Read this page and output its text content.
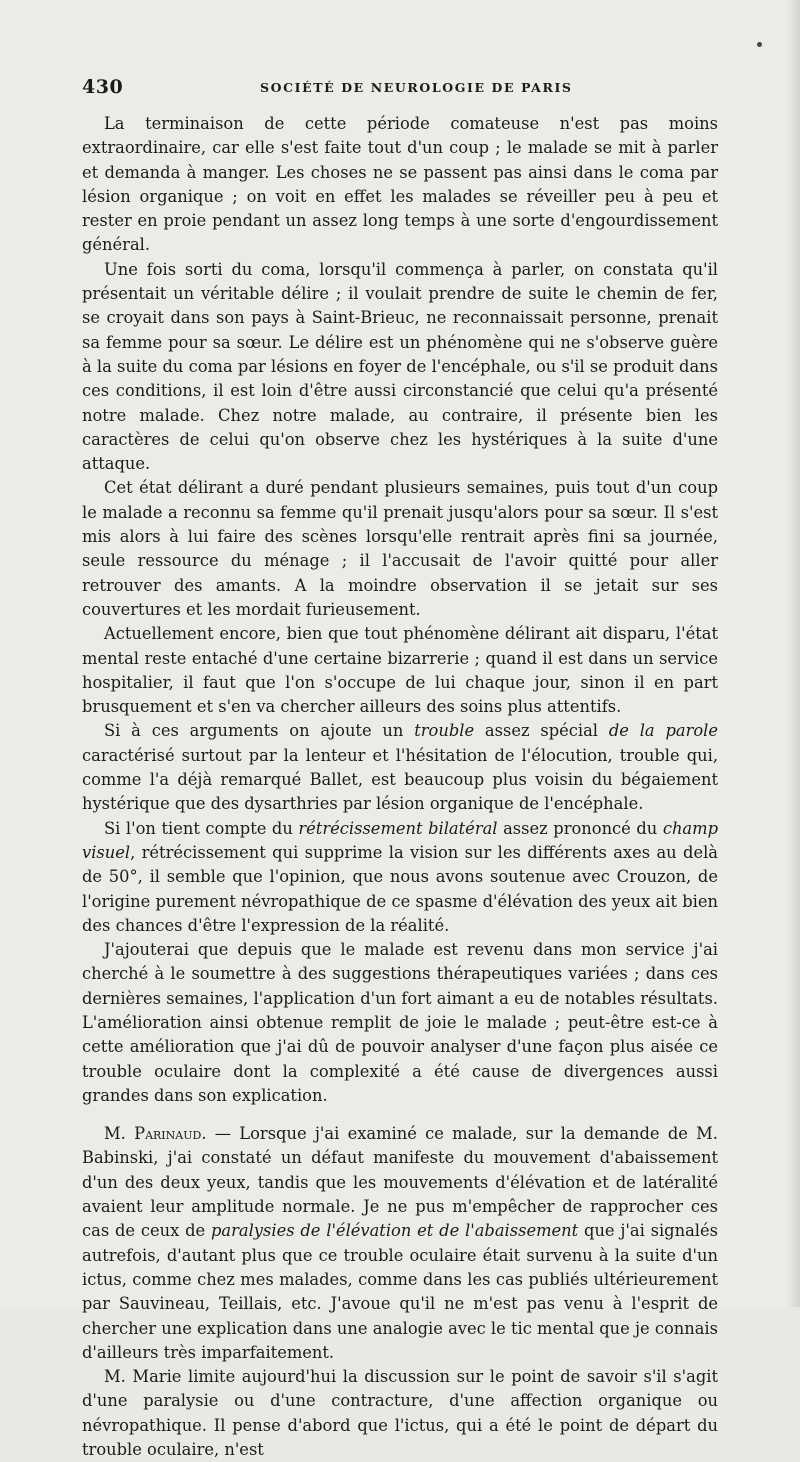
430	SOCIÉTÉ DE NEUROLOGIE DE PARIS

La terminaison de cette période comateuse n'est pas moins extraordinaire, car elle s'est faite tout d'un coup ; le malade se mit à parler et demanda à manger. Les choses ne se passent pas ainsi dans le coma par lésion organique ; on voit en effet les malades se réveiller peu à peu et rester en proie pendant un assez long temps à une sorte d'engourdissement général.

Une fois sorti du coma, lorsqu'il commença à parler, on constata qu'il présentait un véritable délire ; il voulait prendre de suite le chemin de fer, se croyait dans son pays à Saint-Brieuc, ne reconnaissait personne, prenait sa femme pour sa sœur. Le délire est un phénomène qui ne s'observe guère à la suite du coma par lésions en foyer de l'encéphale, ou s'il se produit dans ces conditions, il est loin d'être aussi circonstancié que celui qu'a présenté notre malade. Chez notre malade, au contraire, il présente bien les caractères de celui qu'on observe chez les hystériques à la suite d'une attaque.

Cet état délirant a duré pendant plusieurs semaines, puis tout d'un coup le malade a reconnu sa femme qu'il prenait jusqu'alors pour sa sœur. Il s'est mis alors à lui faire des scènes lorsqu'elle rentrait après fini sa journée, seule ressource du ménage ; il l'accusait de l'avoir quitté pour aller retrouver des amants. A la moindre observation il se jetait sur ses couvertures et les mordait furieusement.

Actuellement encore, bien que tout phénomène délirant ait disparu, l'état mental reste entaché d'une certaine bizarrerie ; quand il est dans un service hospitalier, il faut que l'on s'occupe de lui chaque jour, sinon il en part brusquement et s'en va chercher ailleurs des soins plus attentifs.

Si à ces arguments on ajoute un trouble assez spécial de la parole caractérisé surtout par la lenteur et l'hésitation de l'élocution, trouble qui, comme l'a déjà remarqué Ballet, est beaucoup plus voisin du bégaiement hystérique que des dysarthries par lésion organique de l'encéphale.

Si l'on tient compte du rétrécissement bilatéral assez prononcé du champ visuel, rétrécissement qui supprime la vision sur les différents axes au delà de 50°, il semble que l'opinion, que nous avons soutenue avec Crouzon, de l'origine purement névropathique de ce spasme d'élévation des yeux ait bien des chances d'être l'expression de la réalité.

J'ajouterai que depuis que le malade est revenu dans mon service j'ai cherché à le soumettre à des suggestions thérapeutiques variées ; dans ces dernières semaines, l'application d'un fort aimant a eu de notables résultats. L'amélioration ainsi obtenue remplit de joie le malade ; peut-être est-ce à cette amélioration que j'ai dû de pouvoir analyser d'une façon plus aisée ce trouble oculaire dont la complexité a été cause de divergences aussi grandes dans son explication.

M. Parinaud. — Lorsque j'ai examiné ce malade, sur la demande de M. Babinski, j'ai constaté un défaut manifeste du mouvement d'abaissement d'un des deux yeux, tandis que les mouvements d'élévation et de latéralité avaient leur amplitude normale. Je ne pus m'empêcher de rapprocher ces cas de ceux de paralysies de l'élévation et de l'abaissement que j'ai signalés autrefois, d'autant plus que ce trouble oculaire était survenu à la suite d'un ictus, comme chez mes malades, comme dans les cas publiés ultérieurement par Sauvineau, Teillais, etc. J'avoue qu'il ne m'est pas venu à l'esprit de chercher une explication dans une analogie avec le tic mental que je connais d'ailleurs très imparfaitement.

M. Marie limite aujourd'hui la discussion sur le point de savoir s'il s'agit d'une paralysie ou d'une contracture, d'une affection organique ou névropathique. Il pense d'abord que l'ictus, qui a été le point de départ du trouble oculaire, n'est
